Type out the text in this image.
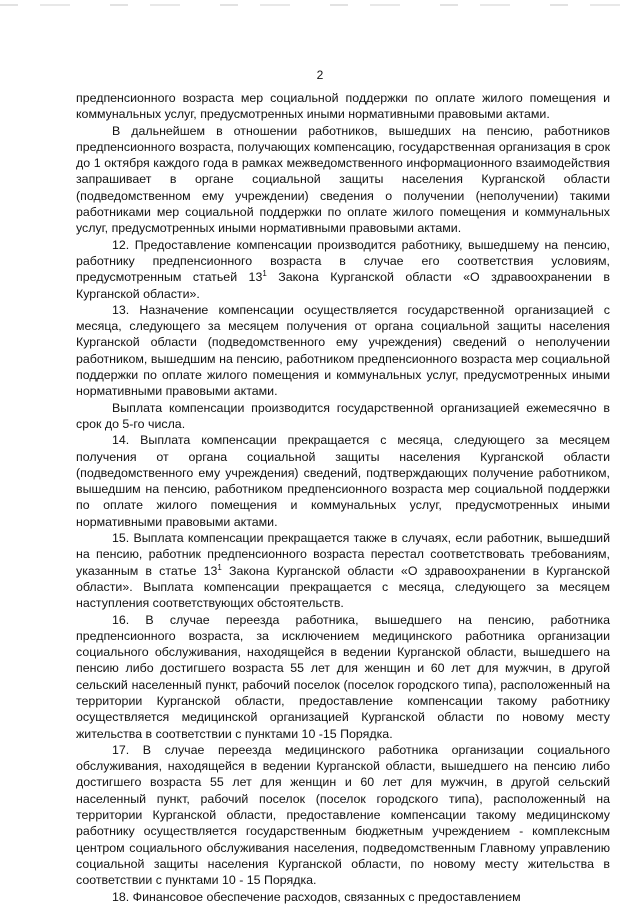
2

предпенсионного возраста мер социальной поддержки по оплате жилого помещения и коммунальных услуг, предусмотренных иными нормативными правовыми актами.

В дальнейшем в отношении работников, вышедших на пенсию, работников предпенсионного возраста, получающих компенсацию, государственная организация в срок до 1 октября каждого года в рамках межведомственного информационного взаимодействия запрашивает в органе социальной защиты населения Курганской области (подведомственном ему учреждении) сведения о получении (неполучении) такими работниками мер социальной поддержки по оплате жилого помещения и коммунальных услуг, предусмотренных иными нормативными правовыми актами.

12. Предоставление компенсации производится работнику, вышедшему на пенсию, работнику предпенсионного возраста в случае его соответствия условиям, предусмотренным статьей $13^1$ Закона Курганской области «О здравоохранении в Курганской области».

13. Назначение компенсации осуществляется государственной организацией с месяца, следующего за месяцем получения от органа социальной защиты населения Курганской области (подведомственного ему учреждения) сведений о неполучении работником, вышедшим на пенсию, работником предпенсионного возраста мер социальной поддержки по оплате жилого помещения и коммунальных услуг, предусмотренных иными нормативными правовыми актами.

Выплата компенсации производится государственной организацией ежемесячно в срок до 5-го числа.

14. Выплата компенсации прекращается с месяца, следующего за месяцем получения от органа социальной защиты населения Курганской области (подведомственного ему учреждения) сведений, подтверждающих получение работником, вышедшим на пенсию, работником предпенсионного возраста мер социальной поддержки по оплате жилого помещения и коммунальных услуг, предусмотренных иными нормативными правовыми актами.

15. Выплата компенсации прекращается также в случаях, если работник, вышедший на пенсию, работник предпенсионного возраста перестал соответствовать требованиям, указанным в статье $13^1$ Закона Курганской области «О здравоохранении в Курганской области». Выплата компенсации прекращается с месяца, следующего за месяцем наступления соответствующих обстоятельств.

16. В случае переезда работника, вышедшего на пенсию, работника предпенсионного возраста, за исключением медицинского работника организации социального обслуживания, находящейся в ведении Курганской области, вышедшего на пенсию либо достигшего возраста 55 лет для женщин и 60 лет для мужчин, в другой сельский населенный пункт, рабочий поселок (поселок городского типа), расположенный на территории Курганской области, предоставление компенсации такому работнику осуществляется медицинской организацией Курганской области по новому месту жительства в соответствии с пунктами 10 -15 Порядка.

17. В случае переезда медицинского работника организации социального обслуживания, находящейся в ведении Курганской области, вышедшего на пенсию либо достигшего возраста 55 лет для женщин и 60 лет для мужчин, в другой сельский населенный пункт, рабочий поселок (поселок городского типа), расположенный на территории Курганской области, предоставление компенсации такому медицинскому работнику осуществляется государственным бюджетным учреждением - комплексным центром социального обслуживания населения, подведомственным Главному управлению социальной защиты населения Курганской области, по новому месту жительства в соответствии с пунктами 10 - 15 Порядка.

18. Финансовое обеспечение расходов, связанных с предоставлением
